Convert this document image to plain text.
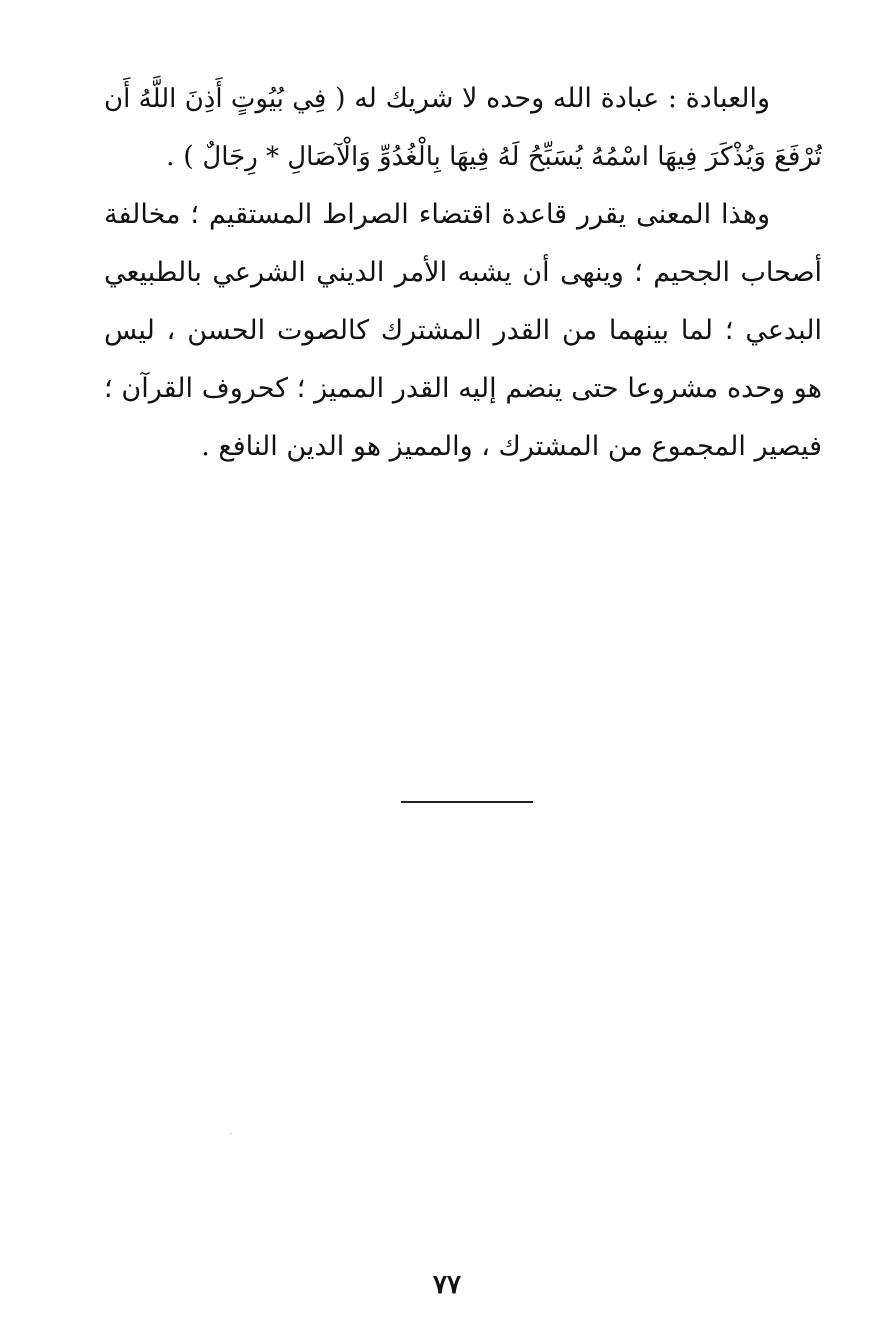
والعبادة : عبادة الله وحده لا شريك له ( فِي بُيُوتٍ أَذِنَ اللَّهُ أَن تُرْفَعَ وَيُذْكَرَ فِيهَا اسْمُهُ يُسَبِّحُ لَهُ فِيهَا بِالْغُدُوِّ وَالْآصَالِ * رِجَالٌ ) .

وهذا المعنى يقرر قاعدة اقتضاء الصراط المستقيم ؛ مخالفة أصحاب الجحيم ؛ وينهى أن يشبه الأمر الديني الشرعي بالطبيعي البدعي ؛ لما بينهما من القدر المشترك كالصوت الحسن ، ليس هو وحده مشروعا حتى ينضم إليه القدر المميز ؛ كحروف القرآن ؛ فيصير المجموع من المشترك ، والمميز هو الدين النافع .

٧٧
